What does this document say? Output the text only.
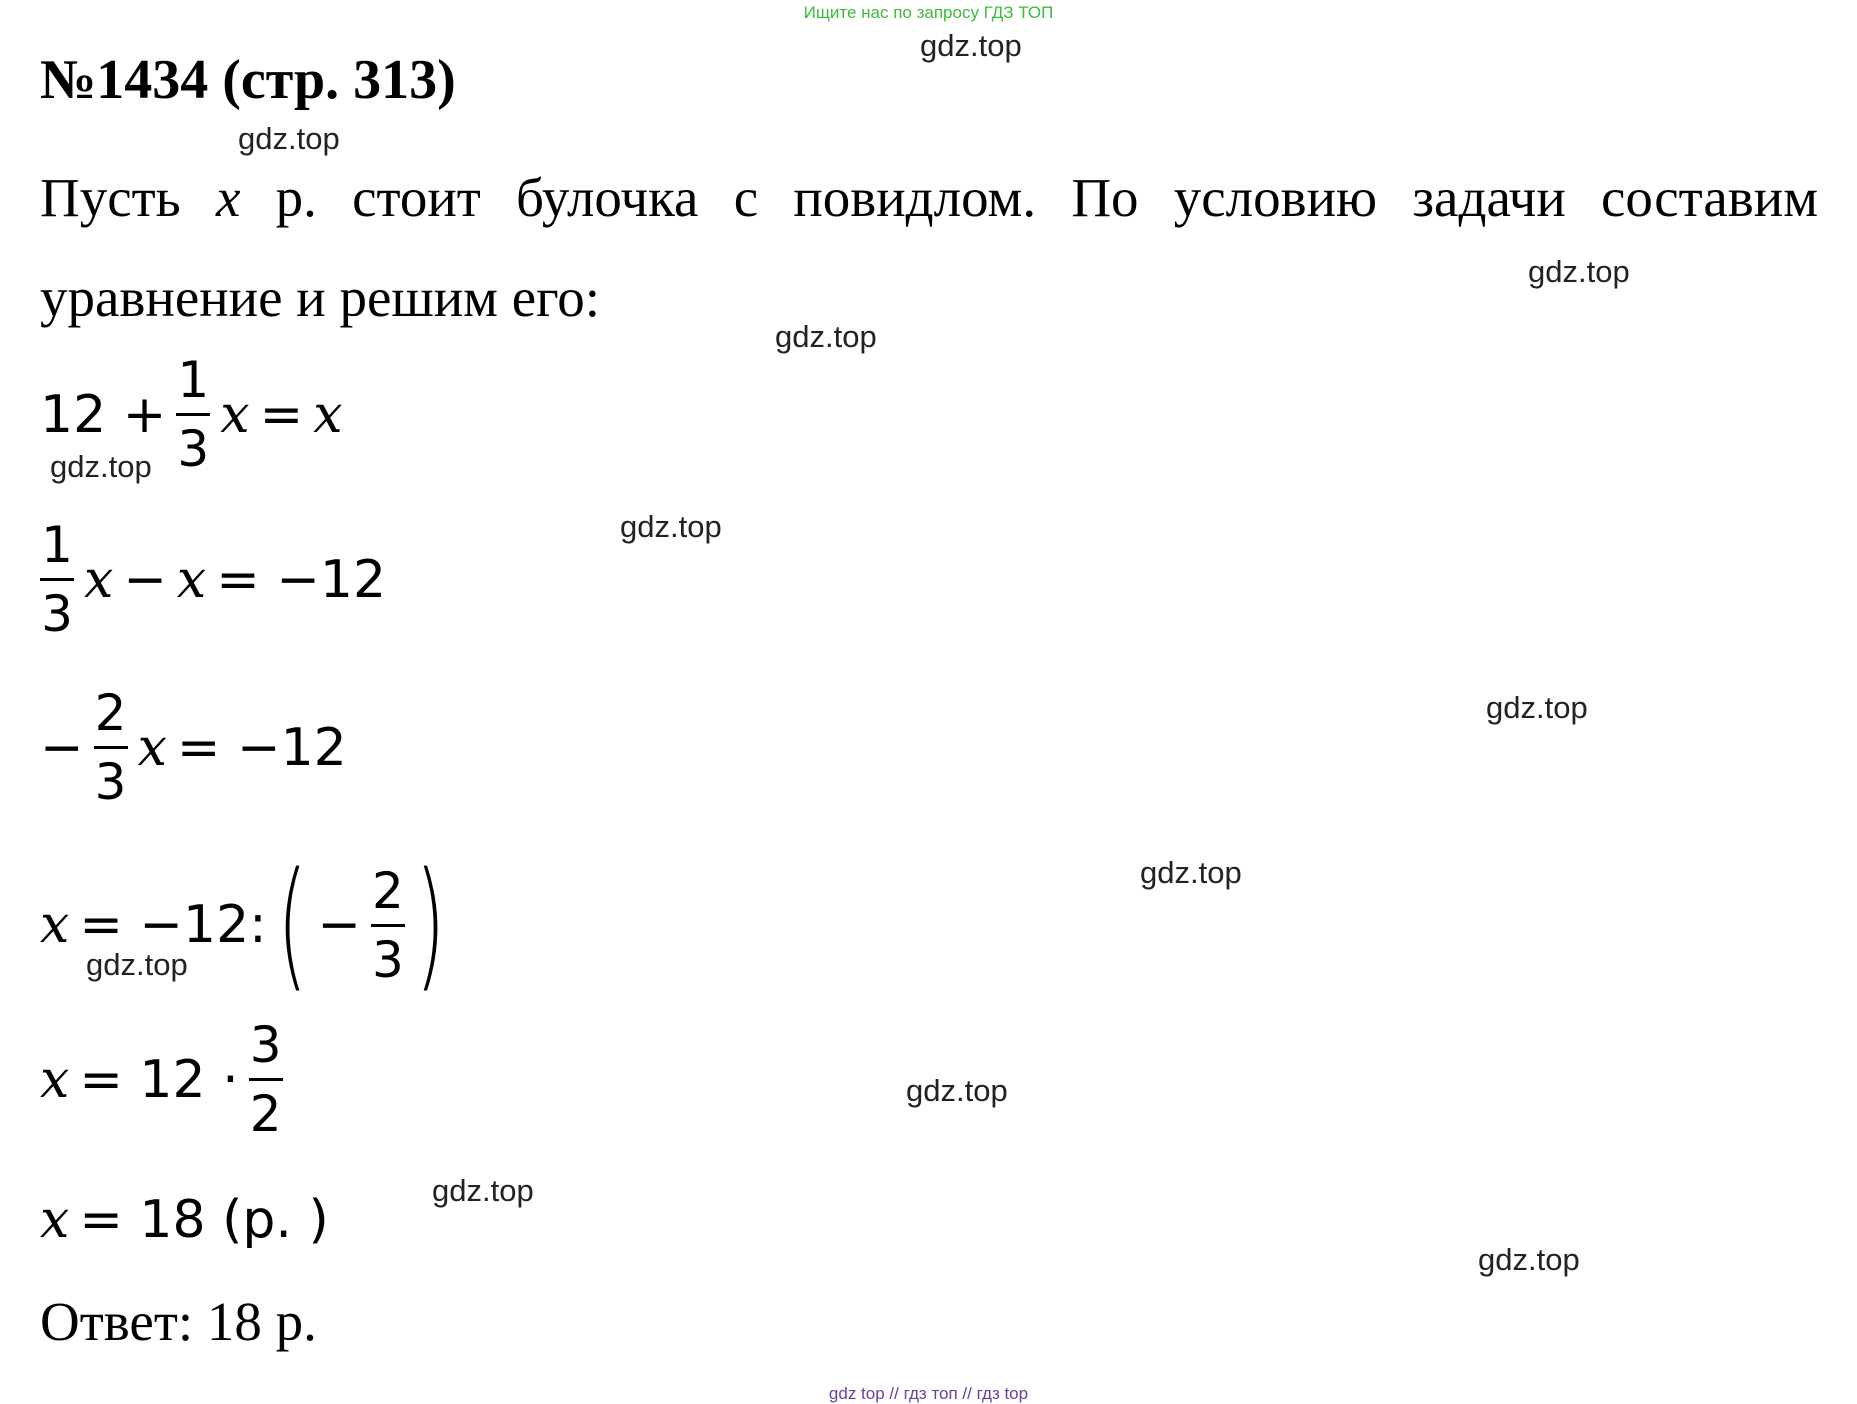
Ищите нас по запросу ГДЗ ТОП
№1434 (стр. 313)
Пусть x р. стоит булочка с повидлом. По условию задачи составим уравнение и решим его:
$12 + \frac{1}{3}$ x = x
$\frac{1}{3}$ x − x = −12
− $\frac{2}{3}$ x = −12
x = −12: ( − $\frac{2}{3}$ )
$x = 12 \cdot \frac{3}{2}$
x = 18 (р. )
Ответ: 18 р.
gdz.top
gdz.top
gdz.top
gdz.top
gdz.top
gdz.top
gdz.top
gdz.top
gdz.top
gdz.top
gdz.top
gdz.top
gdz top // гдз топ // гдз top
